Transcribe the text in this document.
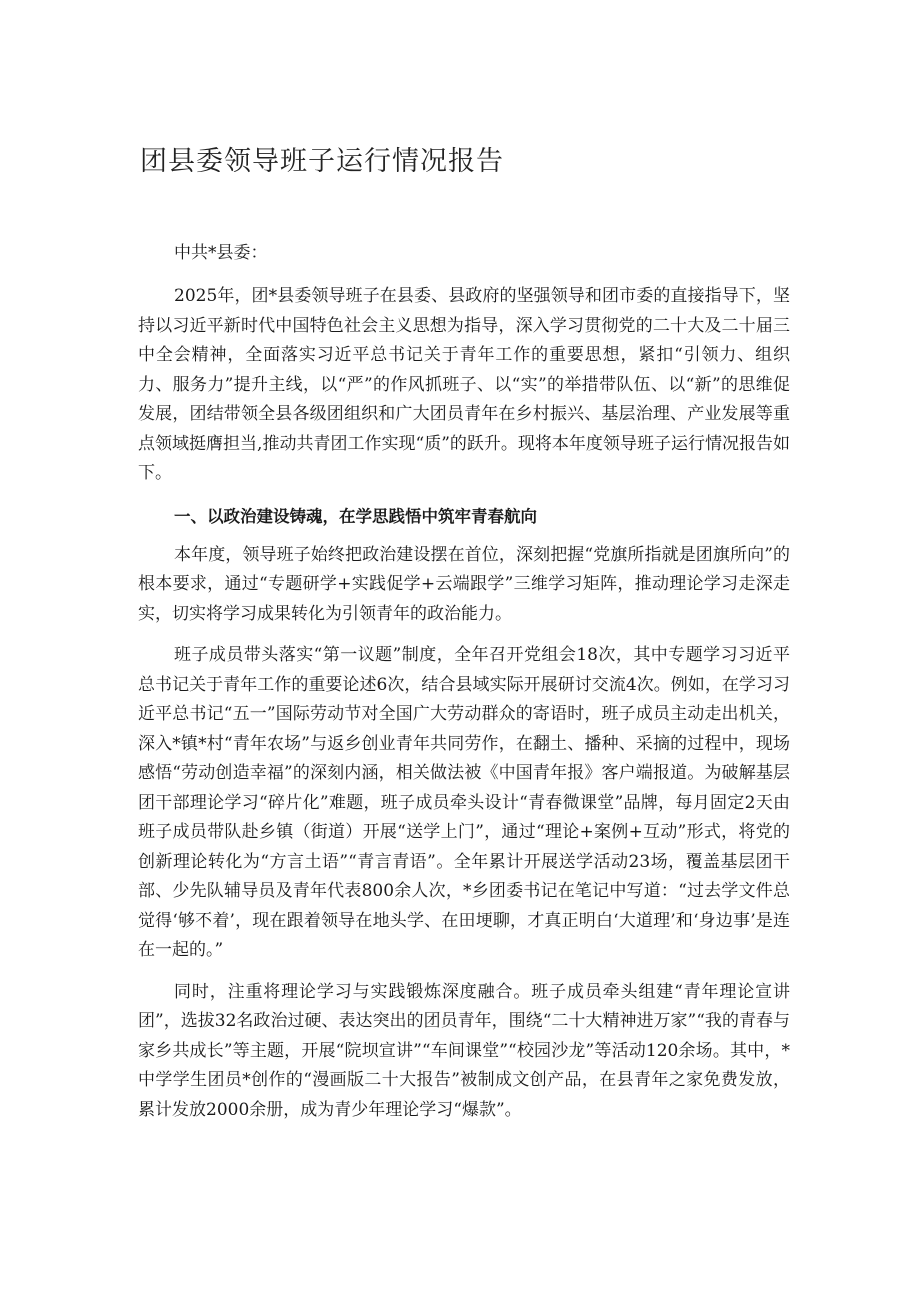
团县委领导班子运行情况报告

中共*县委：

2025年，团*县委领导班子在县委、县政府的坚强领导和团市委的直接指导下，坚持以习近平新时代中国特色社会主义思想为指导，深入学习贯彻党的二十大及二十届三中全会精神，全面落实习近平总书记关于青年工作的重要思想，紧扣“引领力、组织力、服务力”提升主线，以“严”的作风抓班子、以“实”的举措带队伍、以“新”的思维促发展，团结带领全县各级团组织和广大团员青年在乡村振兴、基层治理、产业发展等重点领域挺膺担当,推动共青团工作实现“质”的跃升。现将本年度领导班子运行情况报告如下。

一、以政治建设铸魂，在学思践悟中筑牢青春航向

本年度，领导班子始终把政治建设摆在首位，深刻把握“党旗所指就是团旗所向”的根本要求，通过“专题研学+实践促学+云端跟学”三维学习矩阵，推动理论学习走深走实，切实将学习成果转化为引领青年的政治能力。

班子成员带头落实“第一议题”制度，全年召开党组会18次，其中专题学习习近平总书记关于青年工作的重要论述6次，结合县域实际开展研讨交流4次。例如，在学习习近平总书记“五一”国际劳动节对全国广大劳动群众的寄语时，班子成员主动走出机关，深入*镇*村“青年农场”与返乡创业青年共同劳作，在翻土、播种、采摘的过程中，现场感悟“劳动创造幸福”的深刻内涵，相关做法被《中国青年报》客户端报道。为破解基层团干部理论学习“碎片化”难题，班子成员牵头设计“青春微课堂”品牌，每月固定2天由班子成员带队赴乡镇（街道）开展“送学上门”，通过“理论+案例+互动”形式，将党的创新理论转化为“方言土语”“青言青语”。全年累计开展送学活动23场，覆盖基层团干部、少先队辅导员及青年代表800余人次，*乡团委书记在笔记中写道：“过去学文件总觉得‘够不着’，现在跟着领导在地头学、在田埂聊，才真正明白‘大道理’和‘身边事’是连在一起的。”

同时，注重将理论学习与实践锻炼深度融合。班子成员牵头组建“青年理论宣讲团”，选拔32名政治过硬、表达突出的团员青年，围绕“二十大精神进万家”“我的青春与家乡共成长”等主题，开展“院坝宣讲”“车间课堂”“校园沙龙”等活动120余场。其中，*中学学生团员*创作的“漫画版二十大报告”被制成文创产品，在县青年之家免费发放，累计发放2000余册，成为青少年理论学习“爆款”。
